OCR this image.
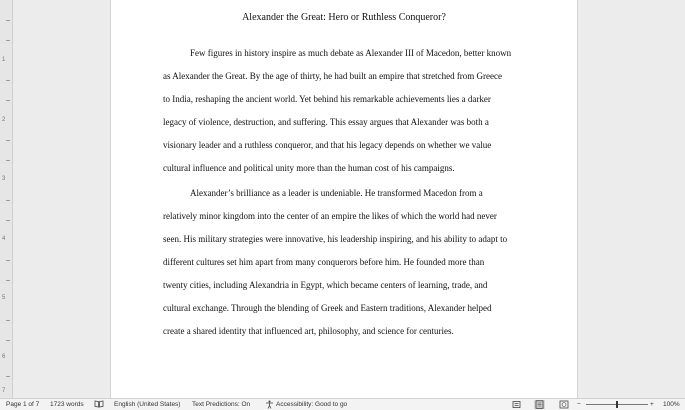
1
2
3
4
5
6
7
Alexander the Great: Hero or Ruthless Conqueror?
Few figures in history inspire as much debate as Alexander III of Macedon, better known
as Alexander the Great. By the age of thirty, he had built an empire that stretched from Greece
to India, reshaping the ancient world. Yet behind his remarkable achievements lies a darker
legacy of violence, destruction, and suffering. This essay argues that Alexander was both a
visionary leader and a ruthless conqueror, and that his legacy depends on whether we value
cultural influence and political unity more than the human cost of his campaigns.
Alexander’s brilliance as a leader is undeniable. He transformed Macedon from a
relatively minor kingdom into the center of an empire the likes of which the world had never
seen. His military strategies were innovative, his leadership inspiring, and his ability to adapt to
different cultures set him apart from many conquerors before him. He founded more than
twenty cities, including Alexandria in Egypt, which became centers of learning, trade, and
cultural exchange. Through the blending of Greek and Eastern traditions, Alexander helped
create a shared identity that influenced art, philosophy, and science for centuries.
Page 1 of 7 1723 words	English (United States) Text Predictions: On	Accessibility: Good to go	−	+ 100%
